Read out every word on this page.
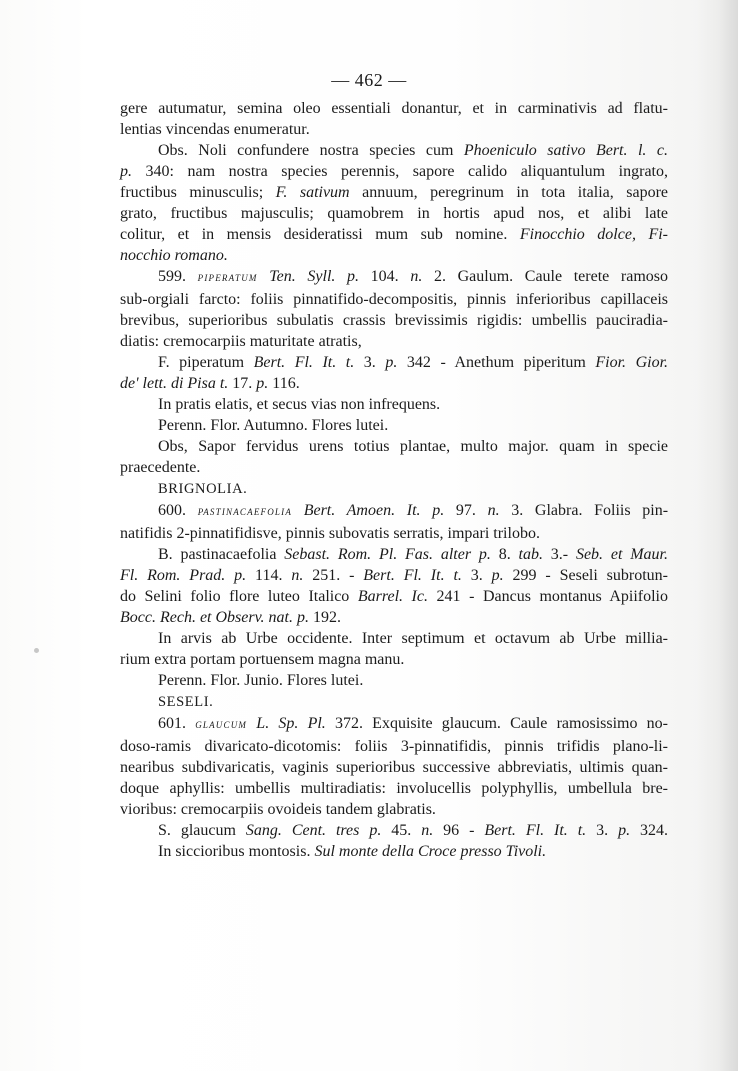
— 462 —
gere autumatur, semina oleo essentiali donantur, et in carminativis ad flatu-
lentias vincendas enumeratur.
Obs. Noli confundere nostra species cum Phoeniculo sativo Bert. l. c.
p. 340: nam nostra species perennis, sapore calido aliquantulum ingrato,
fructibus minusculis; F. sativum annuum, peregrinum in tota italia, sapore
grato, fructibus majusculis; quamobrem in hortis apud nos, et alibi late
colitur, et in mensis desideratissi mum sub nomine. Finocchio dolce, Fi-
nocchio romano.
599. PIPERATUM Ten. Syll. p. 104. n. 2. Gaulum. Caule terete ramoso
sub-orgiali farcto: foliis pinnatifido-decompositis, pinnis inferioribus capillaceis
brevibus, superioribus subulatis crassis brevissimis rigidis: umbellis pauciradia-
diatis: cremocarpiis maturitate atratis,
F. piperatum Bert. Fl. It. t. 3. p. 342 - Anethum piperitum Fior. Gior.
de' lett. di Pisa t. 17. p. 116.
In pratis elatis, et secus vias non infrequens.
Perenn. Flor. Autumno. Flores lutei.
Obs, Sapor fervidus urens totius plantae, multo major. quam in specie
praecedente.
BRIGNOLIA.
600. PASTINACAEFOLIA Bert. Amoen. It. p. 97. n. 3. Glabra. Foliis pin-
natifidis 2-pinnatifidisve, pinnis subovatis serratis, impari trilobo.
B. pastinacaefolia Sebast. Rom. Pl. Fas. alter p. 8. tab. 3.- Seb. et Maur.
Fl. Rom. Prad. p. 114. n. 251. - Bert. Fl. It. t. 3. p. 299 - Seseli subrotun-
do Selini folio flore luteo Italico Barrel. Ic. 241 - Dancus montanus Apiifolio
Bocc. Rech. et Observ. nat. p. 192.
In arvis ab Urbe occidente. Inter septimum et octavum ab Urbe millia-
rium extra portam portuensem magna manu.
Perenn. Flor. Junio. Flores lutei.
SESELI.
601. GLAUCUM L. Sp. Pl. 372. Exquisite glaucum. Caule ramosissimo no-
doso-ramis divaricato-dicotomis: foliis 3-pinnatifidis, pinnis trifidis plano-li-
nearibus subdivaricatis, vaginis superioribus successive abbreviatis, ultimis quan-
doque aphyllis: umbellis multiradiatis: involucellis polyphyllis, umbellula bre-
vioribus: cremocarpiis ovoideis tandem glabratis.
S. glaucum Sang. Cent. tres p. 45. n. 96 - Bert. Fl. It. t. 3. p. 324.
In siccioribus montosis. Sul monte della Croce presso Tivoli.
